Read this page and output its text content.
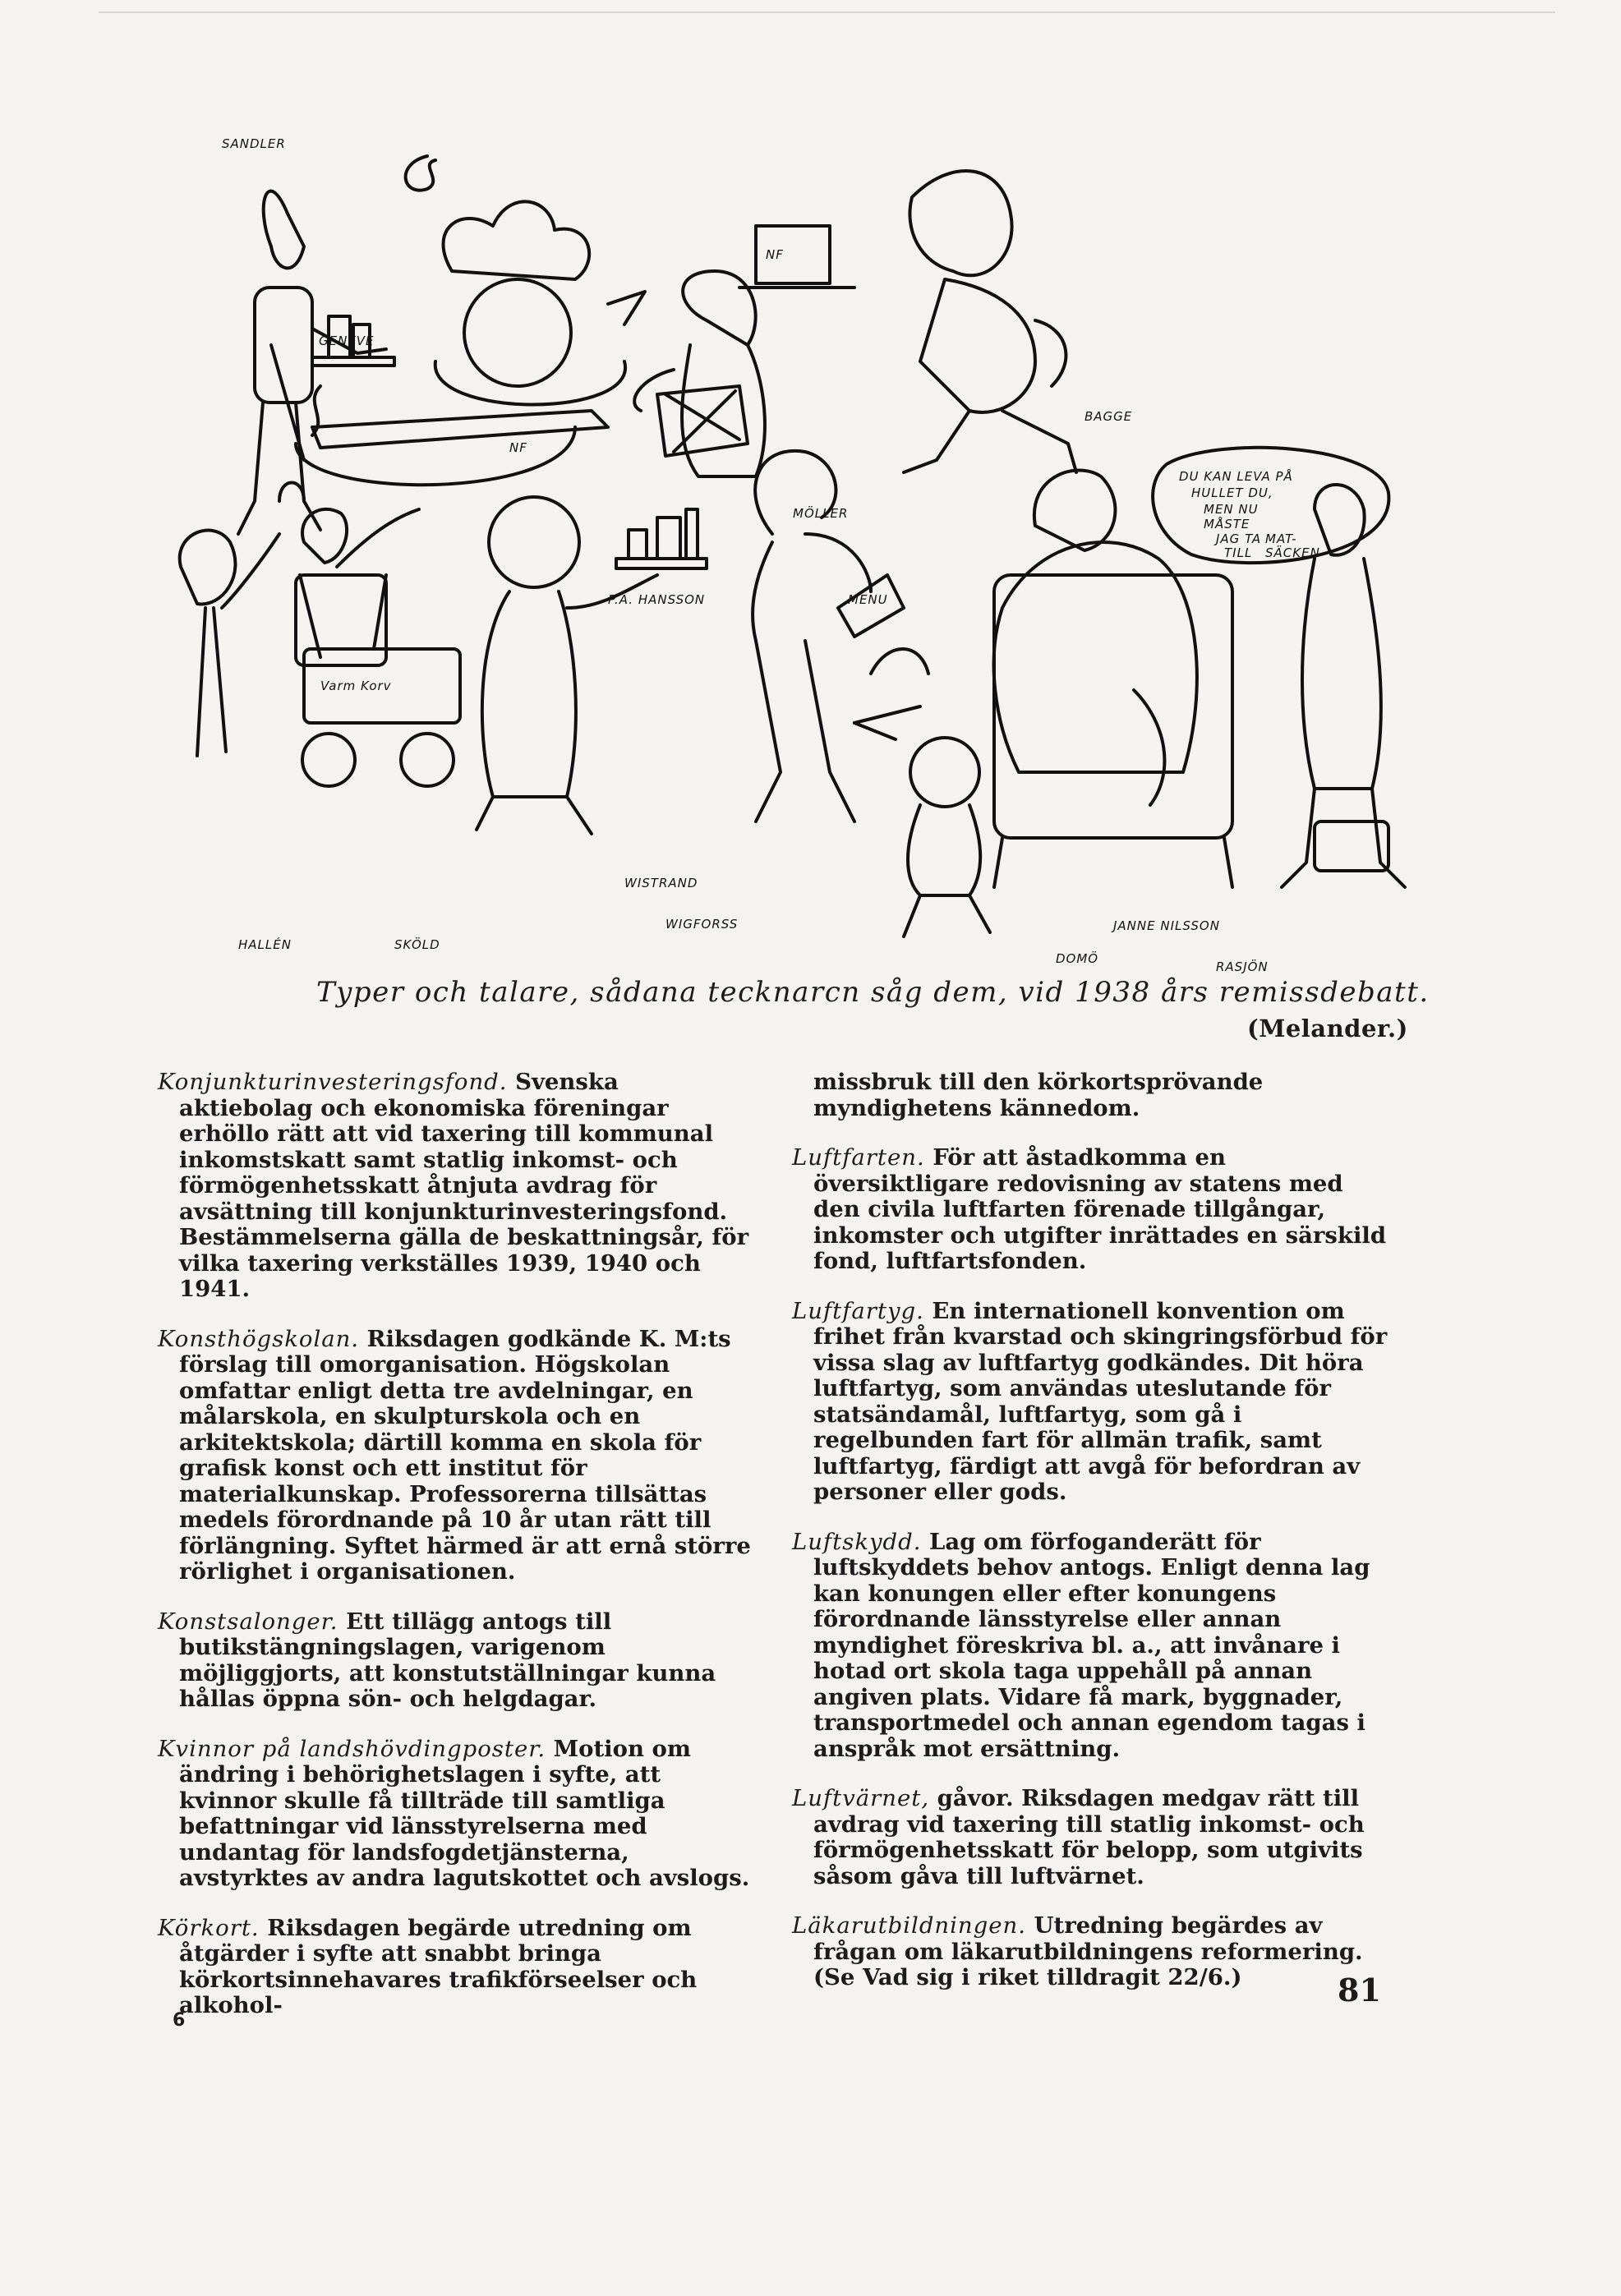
SANDLER
P.A. HANSSON
MÖLLER
BAGGE
HALLÉN	SKÖLD
WISTRAND
WIGFORSS	JANNE NILSSON
DOMÖ
RASJÖN
NF
NF
Varm Korv
MENU
GENEVE
DU KAN LEVA PÅ
HULLET DU,
MEN NU
MÅSTE
JAG TA
TILL
MAT-
SÄCKEN
Typer och talare, sådana tecknarcn såg dem, vid 1938 års remissdebatt.
(Melander.)

Konjunkturinvesteringsfond. Svenska aktiebolag och ekonomiska föreningar erhöllo rätt att vid taxering till kommunal inkomstskatt samt statlig inkomst- och förmögenhetsskatt åtnjuta avdrag för avsättning till konjunkturinvesteringsfond. Bestämmelserna gälla de beskattningsår, för vilka taxering verkställes 1939, 1940 och 1941.

Konsthögskolan. Riksdagen godkände K. M:ts förslag till omorganisation. Högskolan omfattar enligt detta tre avdelningar, en målarskola, en skulpturskola och en arkitektskola; därtill komma en skola för grafisk konst och ett institut för materialkunskap. Professorerna tillsättas medels förordnande på 10 år utan rätt till förlängning. Syftet härmed är att ernå större rörlighet i organisationen.

Konstsalonger. Ett tillägg antogs till butikstängningslagen, varigenom möjliggjorts, att konstutställningar kunna hållas öppna sön- och helgdagar.

Kvinnor på landshövdingposter. Motion om ändring i behörighetslagen i syfte, att kvinnor skulle få tillträde till samtliga befattningar vid länsstyrelserna med undantag för landsfogdetjänsterna, avstyrktes av andra lagutskottet och avslogs.

Körkort. Riksdagen begärde utredning om åtgärder i syfte att snabbt bringa körkortsinnehavares trafikförseelser och alkohol-

missbruk till den körkortsprövande myndighetens kännedom.

Luftfarten. För att åstadkomma en översiktligare redovisning av statens med den civila luftfarten förenade tillgångar, inkomster och utgifter inrättades en särskild fond, luftfartsfonden.

Luftfartyg. En internationell konvention om frihet från kvarstad och skingringsförbud för vissa slag av luftfartyg godkändes. Dit höra luftfartyg, som användas uteslutande för statsändamål, luftfartyg, som gå i regelbunden fart för allmän trafik, samt luftfartyg, färdigt att avgå för befordran av personer eller gods.

Luftskydd. Lag om förfoganderätt för luftskyddets behov antogs. Enligt denna lag kan konungen eller efter konungens förordnande länsstyrelse eller annan myndighet föreskriva bl. a., att invånare i hotad ort skola taga uppehåll på annan angiven plats. Vidare få mark, byggnader, transportmedel och annan egendom tagas i anspråk mot ersättning.

Luftvärnet, gåvor. Riksdagen medgav rätt till avdrag vid taxering till statlig inkomst- och förmögenhetsskatt för belopp, som utgivits såsom gåva till luftvärnet.

Läkarutbildningen. Utredning begärdes av frågan om läkarutbildningens reformering. (Se Vad sig i riket tilldragit 22/6.)	81
6
